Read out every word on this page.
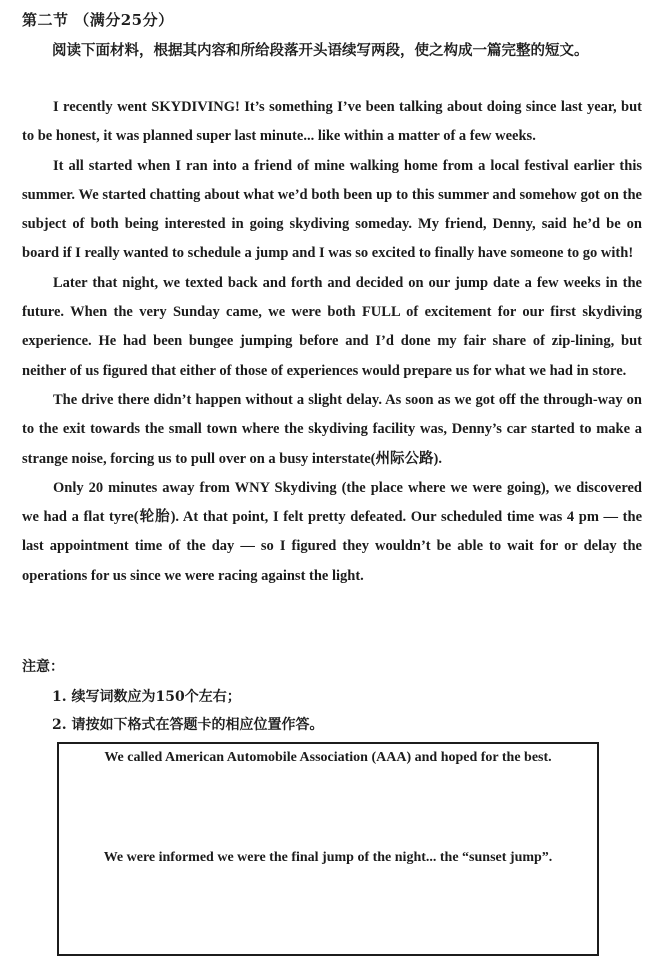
第二节 （满分25分）
阅读下面材料，根据其内容和所给段落开头语续写两段，使之构成一篇完整的短文。

I recently went SKYDIVING! It’s something I’ve been talking about doing since last year, but to be honest, it was planned super last minute... like within a matter of a few weeks.

It all started when I ran into a friend of mine walking home from a local festival earlier this summer. We started chatting about what we’d both been up to this summer and somehow got on the subject of both being interested in going skydiving someday. My friend, Denny, said he’d be on board if I really wanted to schedule a jump and I was so excited to finally have someone to go with!

Later that night, we texted back and forth and decided on our jump date a few weeks in the future. When the very Sunday came, we were both FULL of excitement for our first skydiving experience. He had been bungee jumping before and I’d done my fair share of zip-lining, but neither of us figured that either of those of experiences would prepare us for what we had in store.

The drive there didn’t happen without a slight delay. As soon as we got off the through-way on to the exit towards the small town where the skydiving facility was, Denny’s car started to make a strange noise, forcing us to pull over on a busy interstate(州际公路).

Only 20 minutes away from WNY Skydiving (the place where we were going), we discovered we had a flat tyre(轮胎). At that point, I felt pretty defeated. Our scheduled time was 4 pm — the last appointment time of the day — so I figured they wouldn’t be able to wait for or delay the operations for us since we were racing against the light.

注意：
1. 续写词数应为150个左右；
2. 请按如下格式在答题卡的相应位置作答。
We called American Automobile Association (AAA) and hoped for the best.
We were informed we were the final jump of the night... the “sunset jump”.
